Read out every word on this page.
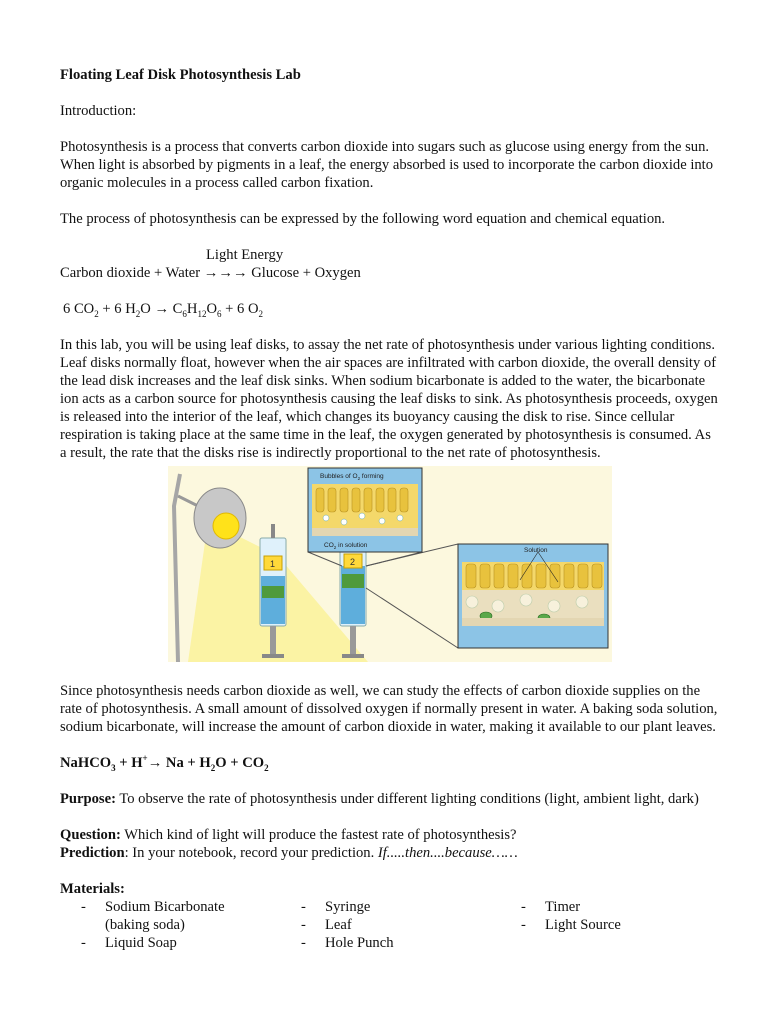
Floating Leaf Disk Photosynthesis Lab

Introduction:

Photosynthesis is a process that converts carbon dioxide into sugars such as glucose using energy from the sun. When light is absorbed by pigments in a leaf, the energy absorbed is used to incorporate the carbon dioxide into organic molecules in a process called carbon fixation.

The process of photosynthesis can be expressed by the following word equation and chemical equation.

Light Energy

Carbon dioxide + Water →→→ Glucose + Oxygen

6 $CO_2 + 6$ $H_2O \to C_6H_{12}O_6 + 6$ $O_2$

In this lab, you will be using leaf disks, to assay the net rate of photosynthesis under various lighting conditions. Leaf disks normally float, however when the air spaces are infiltrated with carbon dioxide, the overall density of the lead disk increases and the leaf disk sinks. When sodium bicarbonate is added to the water, the bicarbonate ion acts as a carbon source for photosynthesis causing the leaf disks to sink. As photosynthesis proceeds, oxygen is released into the interior of the leaf, which changes its buoyancy causing the disk to rise. Since cellular respiration is taking place at the same time in the leaf, the oxygen generated by photosynthesis is consumed. As a result, the rate that the disks rise is indirectly proportional to the net rate of photosynthesis.

Bubbles of $O_2$ forming
$CO_2$ in solution
Solution
1	2

Since photosynthesis needs carbon dioxide as well, we can study the effects of carbon dioxide supplies on the rate of photosynthesis. A small amount of dissolved oxygen if normally present in water. A baking soda solution, sodium bicarbonate, will increase the amount of carbon dioxide in water, making it available to our plant leaves.

NaHCO$_3$ + $H^+\to Na + H_2O + CO_2$

Purpose: To observe the rate of photosynthesis under different lighting conditions (light, ambient light, dark)

Question: Which kind of light will produce the fastest rate of photosynthesis?

Prediction: In your notebook, record your prediction. If.....then....because……

Materials:

-	Sodium Bicarbonate
(baking soda)
-	Liquid Soap
-	Syringe
-	Leaf
-	Hole Punch
-	Timer
-	Light Source
